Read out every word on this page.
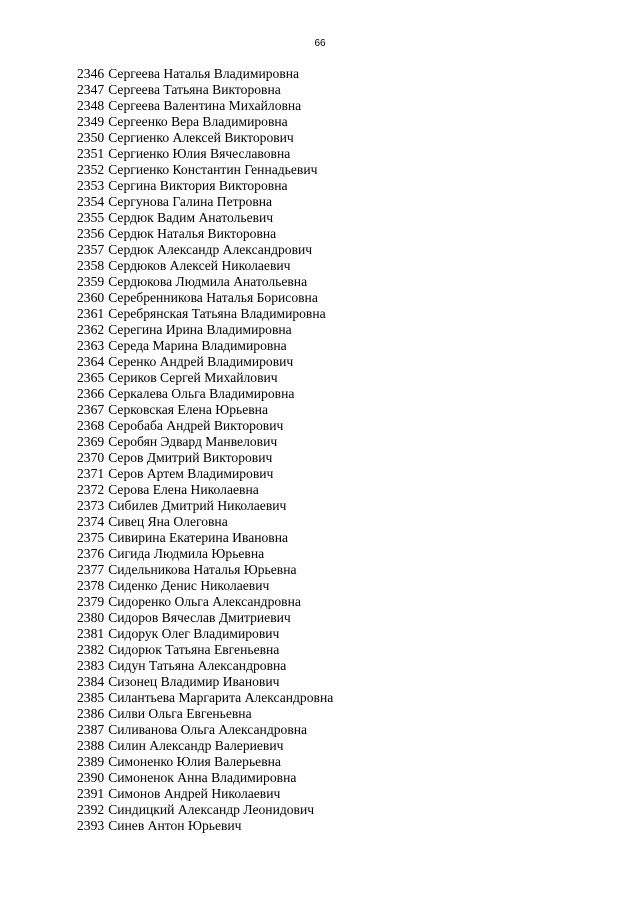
66
2346 Сергеева Наталья Владимировна
2347 Сергеева Татьяна Викторовна
2348 Сергеева Валентина Михайловна
2349 Сергеенко Вера Владимировна
2350 Сергиенко Алексей Викторович
2351 Сергиенко Юлия Вячеславовна
2352 Сергиенко Константин Геннадьевич
2353 Сергина Виктория Викторовна
2354 Сергунова Галина Петровна
2355 Сердюк Вадим Анатольевич
2356 Сердюк Наталья Викторовна
2357 Сердюк Александр Александрович
2358 Сердюков Алексей Николаевич
2359 Сердюкова Людмила Анатольевна
2360 Серебренникова Наталья Борисовна
2361 Серебрянская Татьяна Владимировна
2362 Серегина Ирина Владимировна
2363 Середа Марина Владимировна
2364 Серенко Андрей Владимирович
2365 Сериков Сергей Михайлович
2366 Серкалева Ольга Владимировна
2367 Серковская Елена Юрьевна
2368 Серобаба Андрей Викторович
2369 Серобян Эдвард Манвелович
2370 Серов Дмитрий Викторович
2371 Серов Артем Владимирович
2372 Серова Елена Николаевна
2373 Сибилев Дмитрий Николаевич
2374 Сивец Яна Олеговна
2375 Сивирина Екатерина Ивановна
2376 Сигида Людмила Юрьевна
2377 Сидельникова Наталья Юрьевна
2378 Сиденко Денис Николаевич
2379 Сидоренко Ольга Александровна
2380 Сидоров Вячеслав Дмитриевич
2381 Сидорук Олег Владимирович
2382 Сидорюк Татьяна Евгеньевна
2383 Сидун Татьяна Александровна
2384 Сизонец Владимир Иванович
2385 Силантьева Маргарита Александровна
2386 Силви Ольга Евгеньевна
2387 Силиванова Ольга Александровна
2388 Силин Александр Валериевич
2389 Симоненко Юлия Валерьевна
2390 Симоненок Анна Владимировна
2391 Симонов Андрей Николаевич
2392 Синдицкий Александр Леонидович
2393 Синев Антон Юрьевич
